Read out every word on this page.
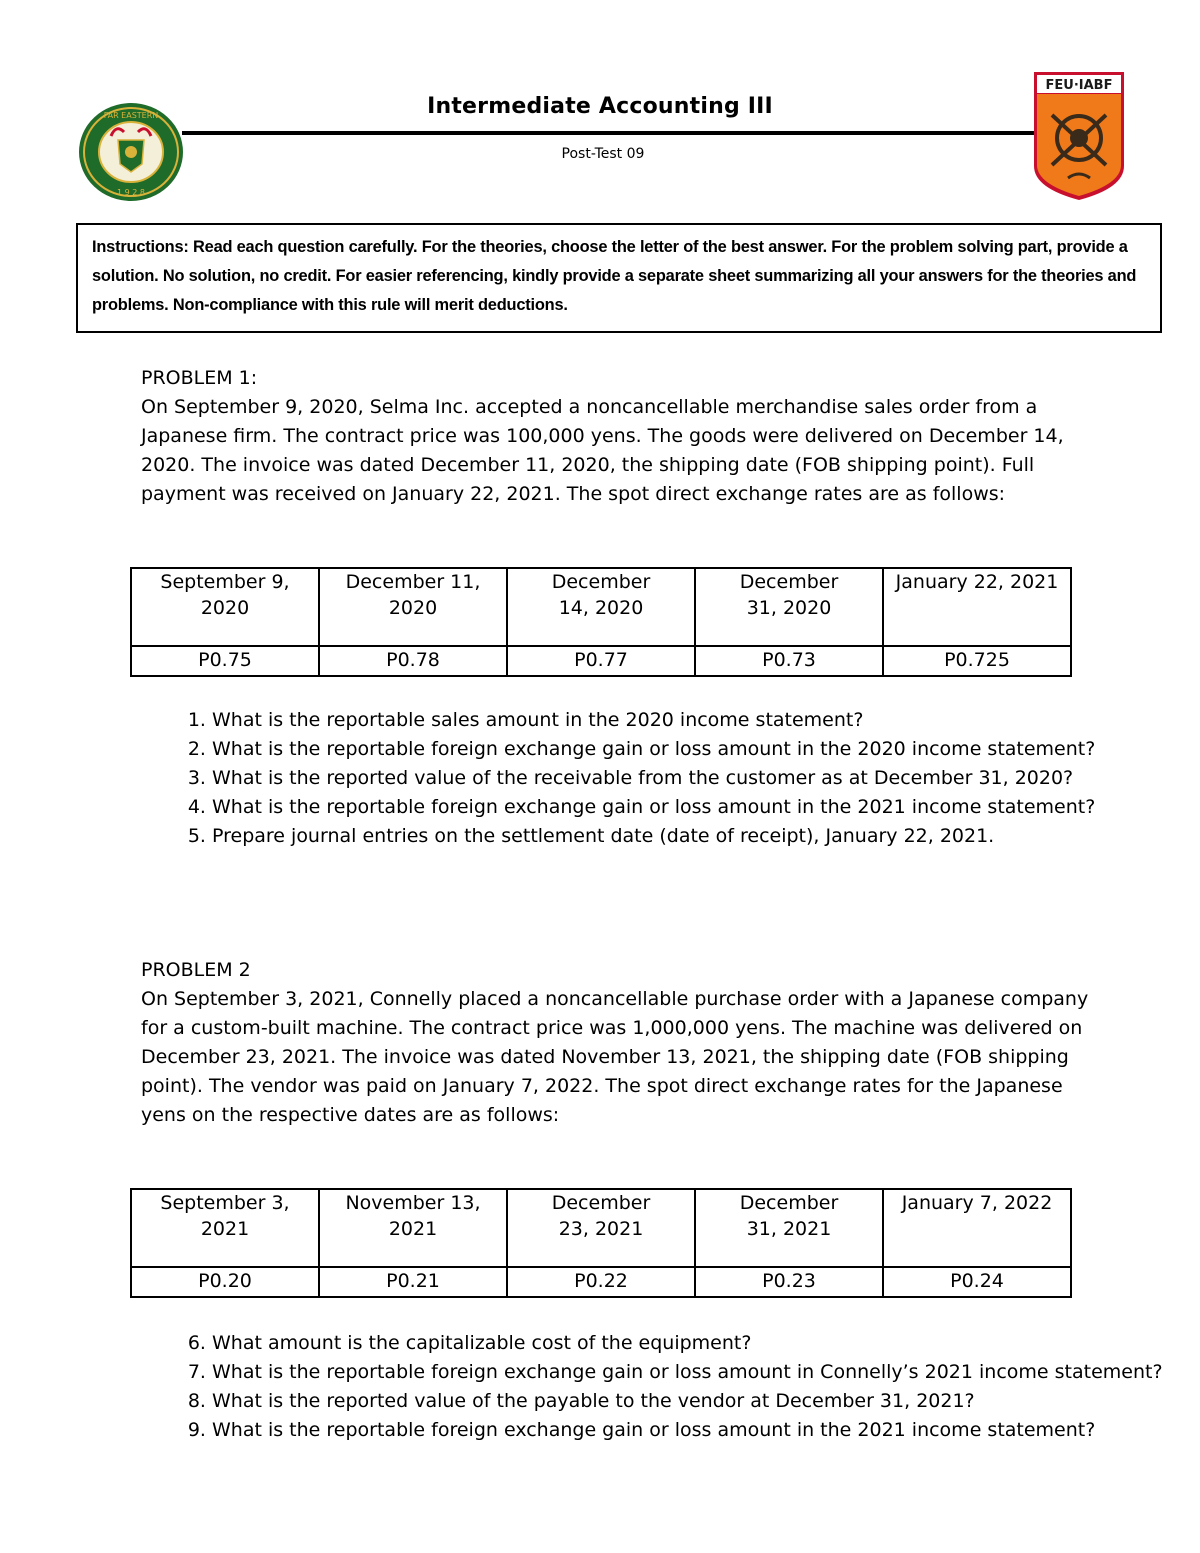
FAR EASTERN
1 9 2 8
FEU·IABF
Intermediate Accounting III
Post-Test 09
Instructions: Read each question carefully. For the theories, choose the letter of the best answer. For the problem solving part, provide a solution. No solution, no credit. For easier referencing, kindly provide a separate sheet summarizing all your answers for the theories and problems. Non-compliance with this rule will merit deductions.

PROBLEM 1:

On September 9, 2020, Selma Inc. accepted a noncancellable merchandise sales order from a Japanese firm. The contract price was 100,000 yens. The goods were delivered on December 14, 2020. The invoice was dated December 11, 2020, the shipping date (FOB shipping point). Full payment was received on January 22, 2021. The spot direct exchange rates are as follows:

September 9, 2020	December 11, 2020	December 14, 2020	December 31, 2020	January 22, 2021
P0.75	P0.78	P0.77	P0.73	P0.725
1. What is the reportable sales amount in the 2020 income statement?
2. What is the reportable foreign exchange gain or loss amount in the 2020 income statement?
3. What is the reported value of the receivable from the customer as at December 31, 2020?
4. What is the reportable foreign exchange gain or loss amount in the 2021 income statement?
5. Prepare journal entries on the settlement date (date of receipt), January 22, 2021.

PROBLEM 2

On September 3, 2021, Connelly placed a noncancellable purchase order with a Japanese company for a custom-built machine. The contract price was 1,000,000 yens. The machine was delivered on December 23, 2021. The invoice was dated November 13, 2021, the shipping date (FOB shipping point). The vendor was paid on January 7, 2022. The spot direct exchange rates for the Japanese yens on the respective dates are as follows:

September 3, 2021	November 13, 2021	December 23, 2021	December 31, 2021	January 7, 2022
P0.20	P0.21	P0.22	P0.23	P0.24
6. What amount is the capitalizable cost of the equipment?
7. What is the reportable foreign exchange gain or loss amount in Connelly’s 2021 income statement?
8. What is the reported value of the payable to the vendor at December 31, 2021?
9. What is the reportable foreign exchange gain or loss amount in the 2021 income statement?
